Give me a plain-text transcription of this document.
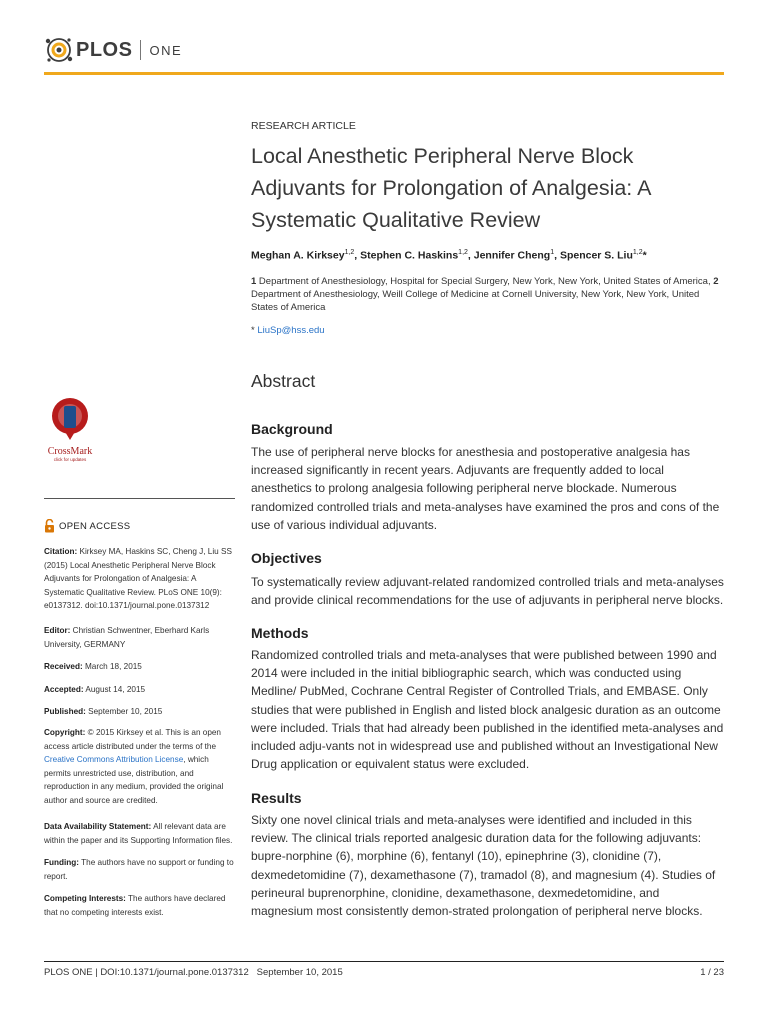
PLOS ONE
CrossMark
click for updates
RESEARCH ARTICLE
Local Anesthetic Peripheral Nerve Block Adjuvants for Prolongation of Analgesia: A Systematic Qualitative Review
Meghan A. Kirksey$^{1,2}$, Stephen C. Haskins$^{1,2}$, Jennifer Cheng$^1$, Spencer S. Liu$^{1,2}$*
1 Department of Anesthesiology, Hospital for Special Surgery, New York, New York, United States of America, 2 Department of Anesthesiology, Weill College of Medicine at Cornell University, New York, New York, United States of America
* LiuSp@hss.edu
Abstract
Background

The use of peripheral nerve blocks for anesthesia and postoperative analgesia has increased significantly in recent years. Adjuvants are frequently added to local anesthetics to prolong analgesia following peripheral nerve blockade. Numerous randomized controlled trials and meta-analyses have examined the pros and cons of the use of various individual adjuvants.

Objectives

To systematically review adjuvant-related randomized controlled trials and meta-analyses and provide clinical recommendations for the use of adjuvants in peripheral nerve blocks.

Methods

Randomized controlled trials and meta-analyses that were published between 1990 and 2014 were included in the initial bibliographic search, which was conducted using Medline/ PubMed, Cochrane Central Register of Controlled Trials, and EMBASE. Only studies that were published in English and listed block analgesic duration as an outcome were included. Trials that had already been published in the identified meta-analyses and included adju-vants not in widespread use and published without an Investigational New Drug application or equivalent status were excluded.

Results

Sixty one novel clinical trials and meta-analyses were identified and included in this review. The clinical trials reported analgesic duration data for the following adjuvants: bupre-norphine (6), morphine (6), fentanyl (10), epinephrine (3), clonidine (7), dexmedetomidine (7), dexamethasone (7), tramadol (8), and magnesium (4). Studies of perineural buprenorphine, clonidine, dexamethasone, dexmedetomidine, and magnesium most consistently demon-strated prolongation of peripheral nerve blocks.

OPEN ACCESS
Citation: Kirksey MA, Haskins SC, Cheng J, Liu SS (2015) Local Anesthetic Peripheral Nerve Block Adjuvants for Prolongation of Analgesia: A Systematic Qualitative Review. PLoS ONE 10(9): e0137312. doi:10.1371/journal.pone.0137312
Editor: Christian Schwentner, Eberhard Karls University, GERMANY
Received: March 18, 2015
Accepted: August 14, 2015
Published: September 10, 2015
Copyright: © 2015 Kirksey et al. This is an open access article distributed under the terms of the Creative Commons Attribution License, which permits unrestricted use, distribution, and reproduction in any medium, provided the original author and source are credited.
Data Availability Statement: All relevant data are within the paper and its Supporting Information files.
Funding: The authors have no support or funding to report.
Competing Interests: The authors have declared that no competing interests exist.
PLOS ONE | DOI:10.1371/journal.pone.0137312   September 10, 2015	1 / 23
